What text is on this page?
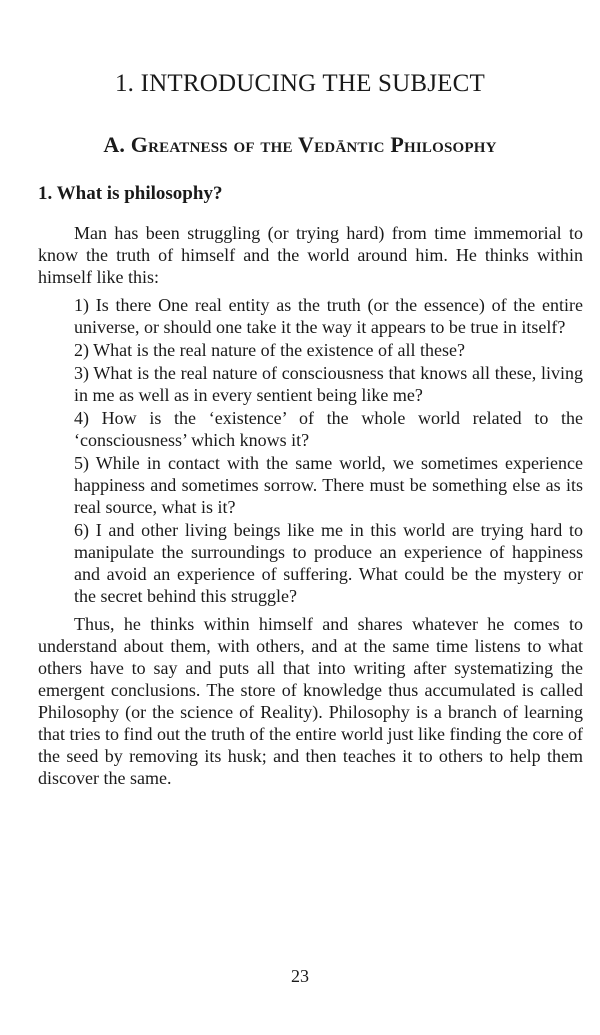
1. INTRODUCING THE SUBJECT
A. Greatness of the Vedāntic Philosophy
1. What is philosophy?

Man has been struggling (or trying hard) from time immemorial to know the truth of himself and the world around him. He thinks within himself like this:

1) Is there One real entity as the truth (or the essence) of the entire universe, or should one take it the way it appears to be true in itself?
2) What is the real nature of the existence of all these?
3) What is the real nature of consciousness that knows all these, living in me as well as in every sentient being like me?
4) How is the ‘existence’ of the whole world related to the ‘consciousness’ which knows it?
5) While in contact with the same world, we sometimes experience happiness and sometimes sorrow. There must be something else as its real source, what is it?
6) I and other living beings like me in this world are trying hard to manipulate the surroundings to produce an experience of happiness and avoid an experience of suffering. What could be the mystery or the secret behind this struggle?

Thus, he thinks within himself and shares whatever he comes to understand about them, with others, and at the same time listens to what others have to say and puts all that into writing after systematizing the emergent conclusions. The store of knowledge thus accumulated is called Philosophy (or the science of Reality). Philosophy is a branch of learning that tries to find out the truth of the entire world just like finding the core of the seed by removing its husk; and then teaches it to others to help them discover the same.

23
